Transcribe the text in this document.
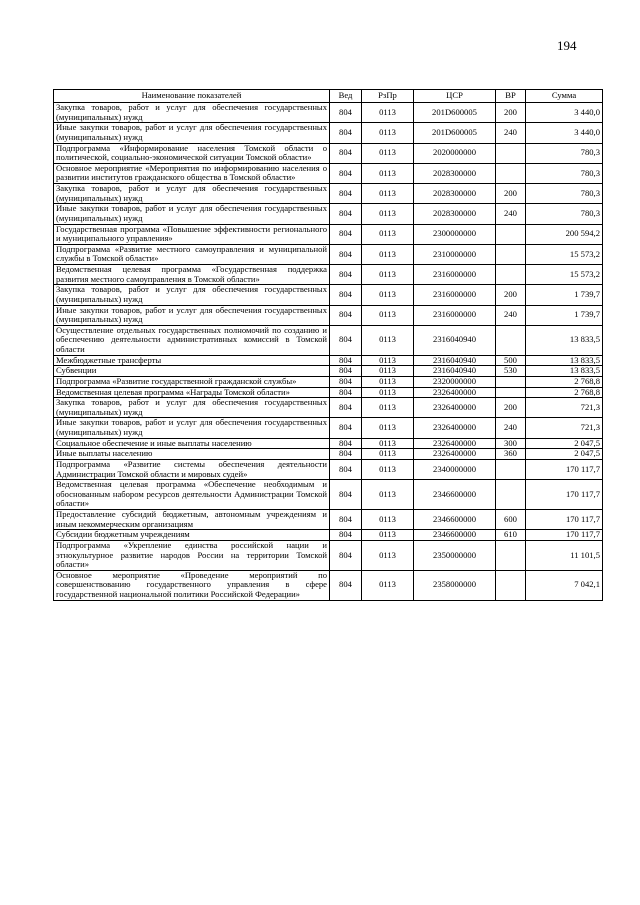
194
Наименование показателей	Вед	РзПр	ЦСР	ВР	Сумма
Закупка товаров, работ и услуг для обеспечения государственных (муниципальных) нужд	804	0113	201D600005	200	3 440,0
Иные закупки товаров, работ и услуг для обеспечения государственных (муниципальных) нужд	804	0113	201D600005	240	3 440,0
Подпрограмма «Информирование населения Томской области о политической, социально-экономической ситуации Томской области»	804	0113	2020000000		780,3
Основное мероприятие «Мероприятия по информированию населения о развитии институтов гражданского общества в Томской области»	804	0113	2028300000		780,3
Закупка товаров, работ и услуг для обеспечения государственных (муниципальных) нужд	804	0113	2028300000	200	780,3
Иные закупки товаров, работ и услуг для обеспечения государственных (муниципальных) нужд	804	0113	2028300000	240	780,3
Государственная программа «Повышение эффективности регионального и муниципального управления»	804	0113	2300000000		200 594,2
Подпрограмма «Развитие местного самоуправления и муниципальной службы в Томской области»	804	0113	2310000000		15 573,2
Ведомственная целевая программа «Государственная поддержка развития местного самоуправления в Томской области»	804	0113	2316000000		15 573,2
Закупка товаров, работ и услуг для обеспечения государственных (муниципальных) нужд	804	0113	2316000000	200	1 739,7
Иные закупки товаров, работ и услуг для обеспечения государственных (муниципальных) нужд	804	0113	2316000000	240	1 739,7
Осуществление отдельных государственных полномочий по созданию и обеспечению деятельности административных комиссий в Томской области	804	0113	2316040940		13 833,5
Межбюджетные трансферты	804	0113	2316040940	500	13 833,5
Субвенции	804	0113	2316040940	530	13 833,5
Подпрограмма «Развитие государственной гражданской службы»	804	0113	2320000000		2 768,8
Ведомственная целевая программа «Награды Томской области»	804	0113	2326400000		2 768,8
Закупка товаров, работ и услуг для обеспечения государственных (муниципальных) нужд	804	0113	2326400000	200	721,3
Иные закупки товаров, работ и услуг для обеспечения государственных (муниципальных) нужд	804	0113	2326400000	240	721,3
Социальное обеспечение и иные выплаты населению	804	0113	2326400000	300	2 047,5
Иные выплаты населению	804	0113	2326400000	360	2 047,5
Подпрограмма «Развитие системы обеспечения деятельности Администрации Томской области и мировых судей»	804	0113	2340000000		170 117,7
Ведомственная целевая программа «Обеспечение необходимым и обоснованным набором ресурсов деятельности Администрации Томской области»	804	0113	2346600000		170 117,7
Предоставление субсидий бюджетным, автономным учреждениям и иным некоммерческим организациям	804	0113	2346600000	600	170 117,7
Субсидии бюджетным учреждениям	804	0113	2346600000	610	170 117,7
Подпрограмма «Укрепление единства российской нации и этнокультурное развитие народов России на территории Томской области»	804	0113	2350000000		11 101,5
Основное мероприятие «Проведение мероприятий по совершенствованию государственного управления в сфере государственной национальной политики Российской Федерации»	804	0113	2358000000		7 042,1
